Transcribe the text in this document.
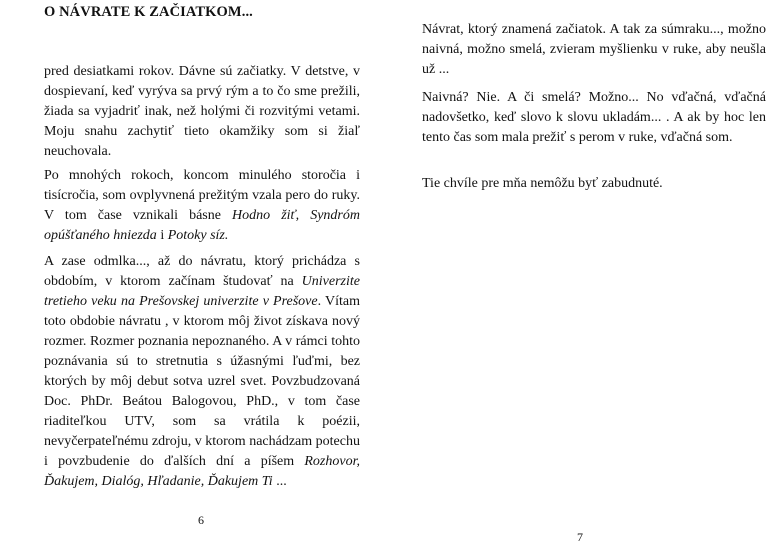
O NÁVRATE K ZAČIATKOM...

pred desiatkami rokov. Dávne sú začiatky. V detstve, v dospievaní, keď vyrýva sa prvý rým a to čo sme prežili, žiada sa vyjadriť inak, než holými či rozvitými vetami. Moju snahu zachytiť tieto okamžiky som si žiaľ neuchovala.

Po mnohých rokoch, koncom minulého storočia i tisícročia, som ovplyvnená prežitým vzala pero do ruky. V tom čase vznikali básne Hodno žiť, Syndróm opúšťaného hniezda i Potoky síz.

A zase odmlka..., až do návratu, ktorý prichádza s obdobím, v ktorom začínam študovať na Univerzite tretieho veku na Prešovskej univerzite v Prešove. Vítam toto obdobie návratu , v ktorom môj život získava nový rozmer. Rozmer poznania nepoznaného. A v rámci tohto poznávania sú to stretnutia s úžasnými ľuďmi, bez ktorých by môj debut sotva uzrel svet. Povzbudzovaná Doc. PhDr. Beátou Balogovou, PhD., v tom čase riaditeľkou UTV, som sa vrátila k poézii, nevyčerpateľnému zdroju, v ktorom nachádzam potechu i povzbudenie do ďalších dní a píšem Rozhovor, Ďakujem, Dialóg, Hľadanie, Ďakujem Ti ...

6

Návrat, ktorý znamená začiatok. A tak za súmraku..., možno naivná, možno smelá, zvieram myšlienku v ruke, aby neušla už ...

Naivná? Nie. A či smelá? Možno... No vďačná, vďačná nadovšetko, keď slovo k slovu ukladám... . A ak by hoc len tento čas som mala prežiť s perom v ruke, vďačná som.

Tie chvíle pre mňa nemôžu byť zabudnuté.

7
